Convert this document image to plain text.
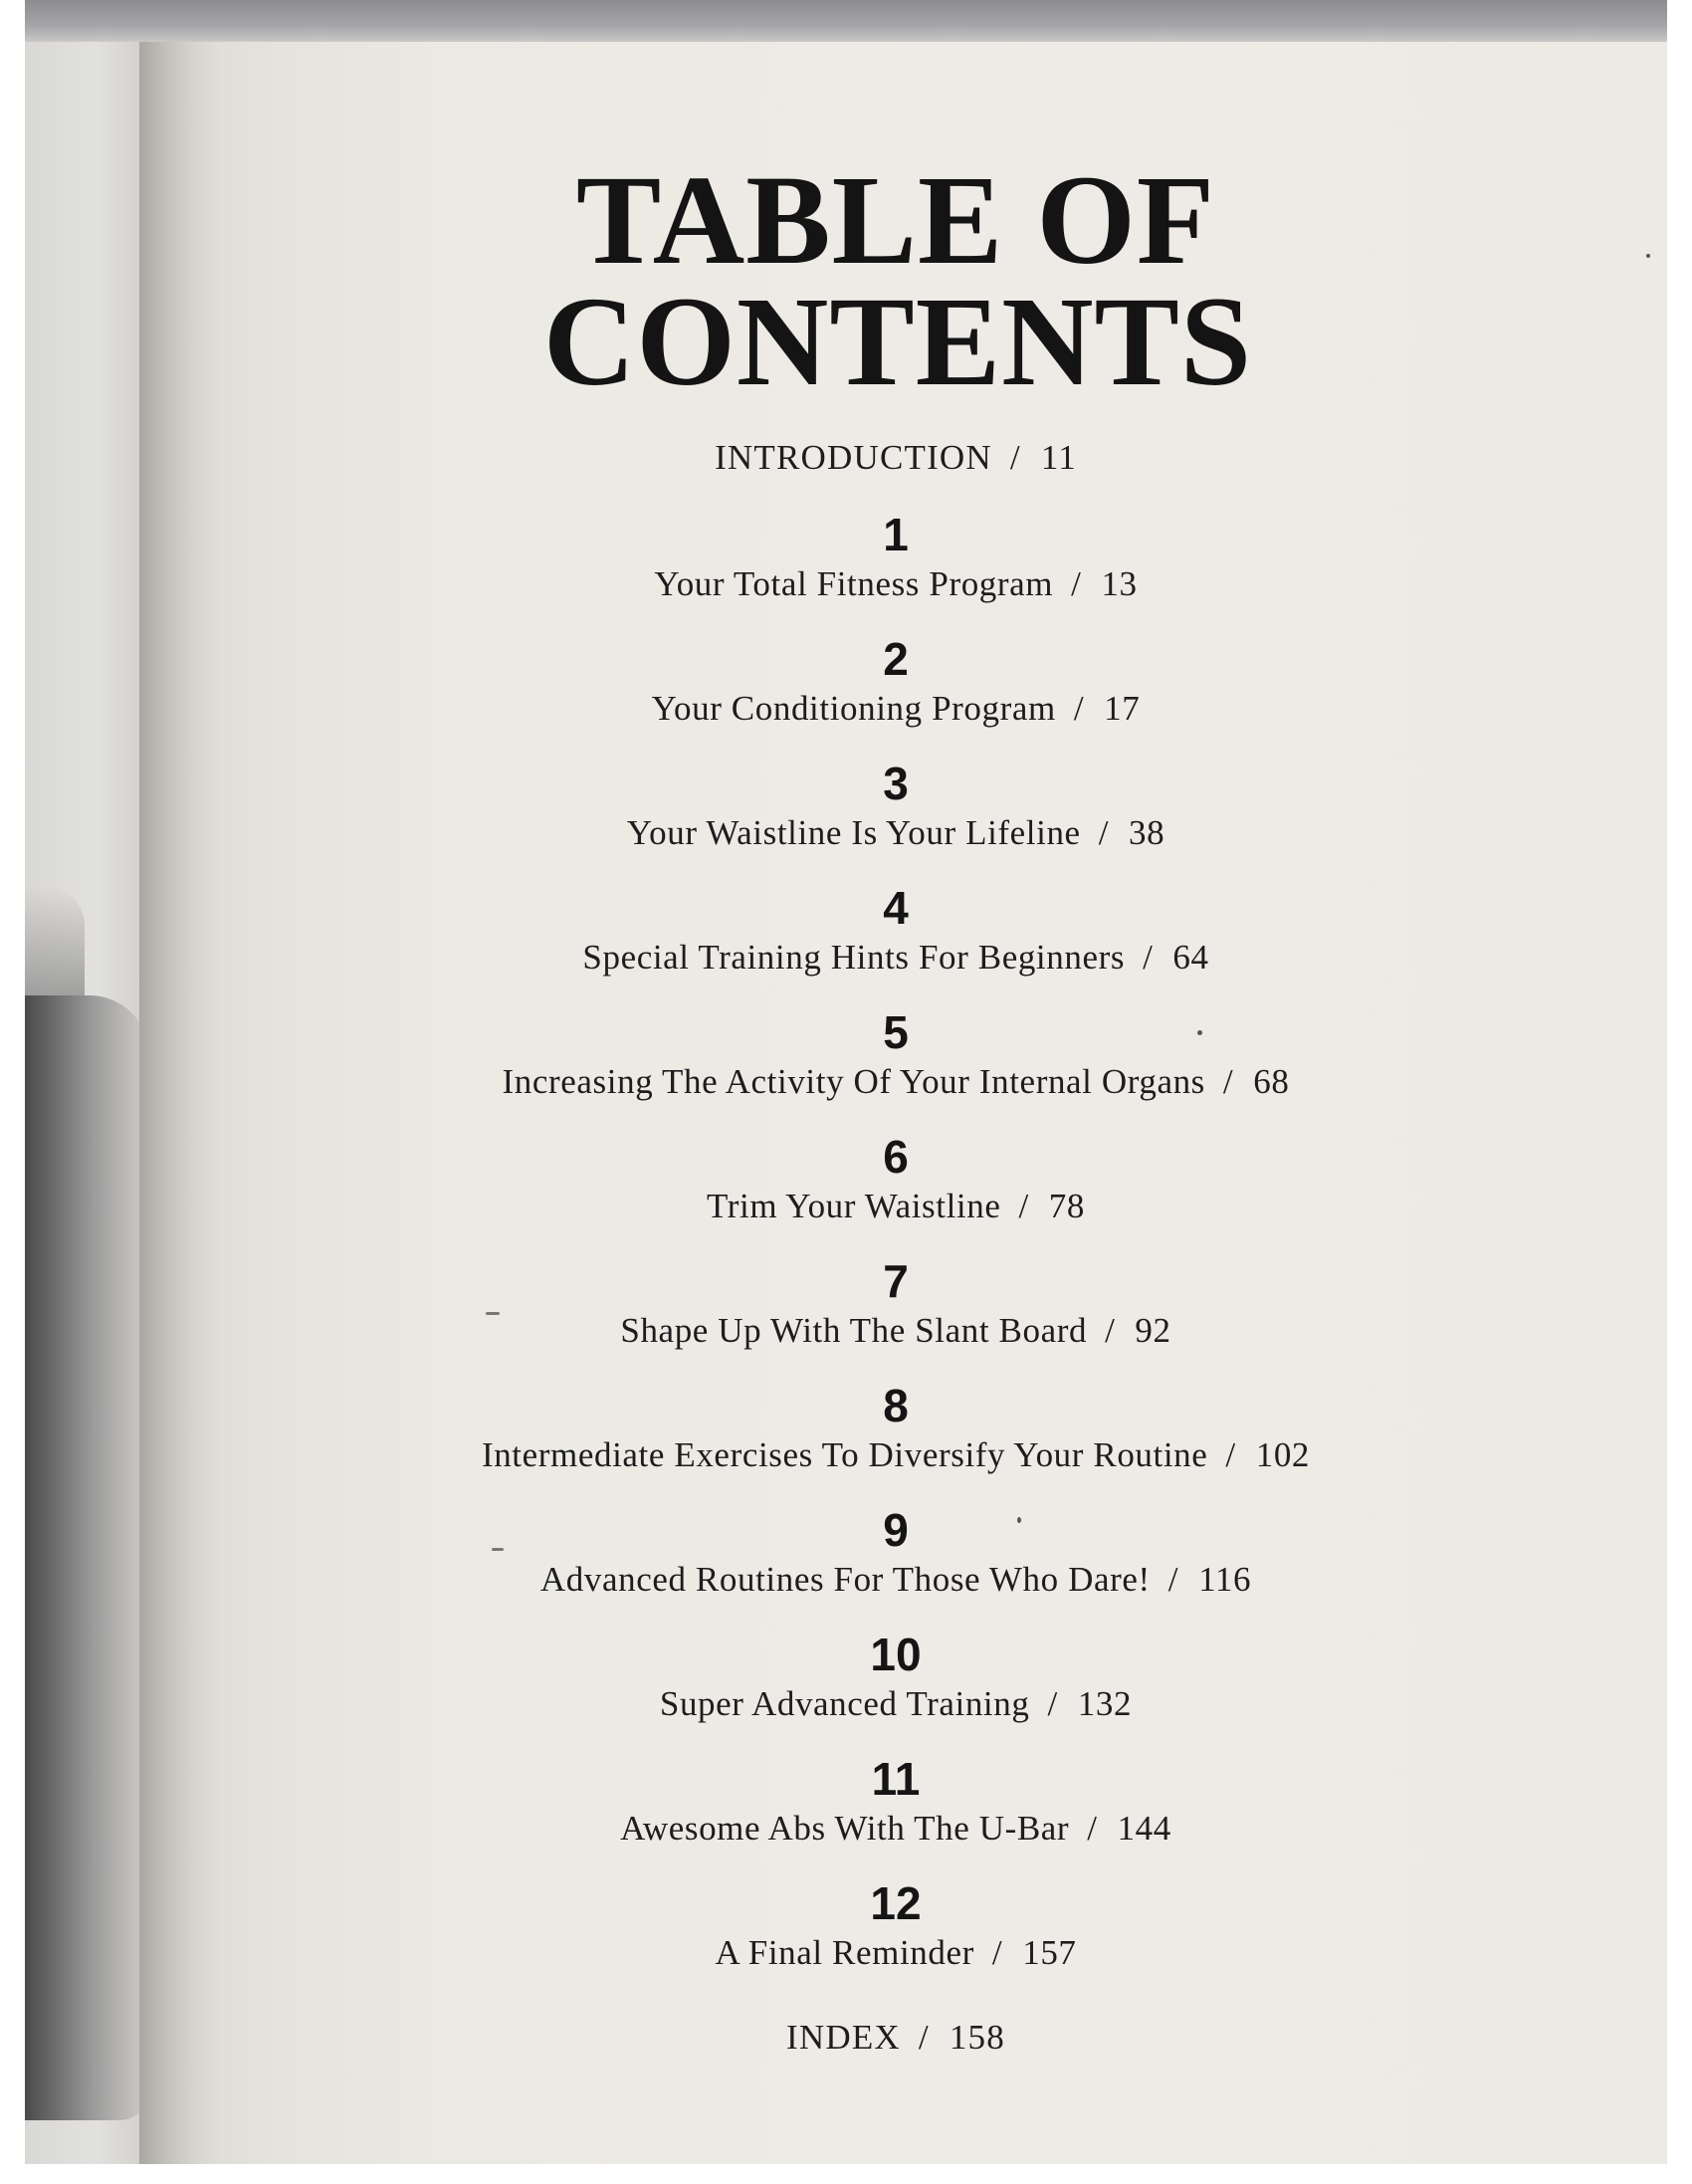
TABLE OF
CONTENTS
INTRODUCTION / 11
1
Your Total Fitness Program / 13
2
Your Conditioning Program / 17
3
Your Waistline Is Your Lifeline / 38
4
Special Training Hints For Beginners / 64
5
Increasing The Activity Of Your Internal Organs / 68
6
Trim Your Waistline / 78
7
Shape Up With The Slant Board / 92
8
Intermediate Exercises To Diversify Your Routine / 102
9
Advanced Routines For Those Who Dare! / 116
10
Super Advanced Training / 132
11
Awesome Abs With The U-Bar / 144
12
A Final Reminder / 157
INDEX / 158
